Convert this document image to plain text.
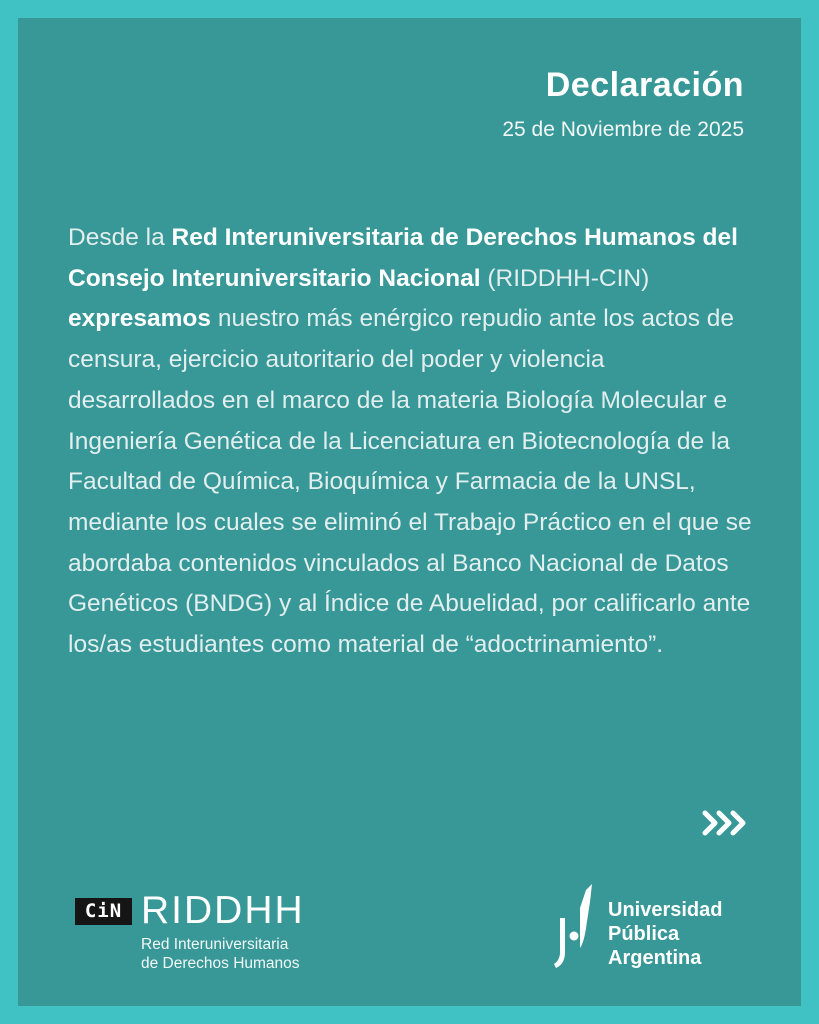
Declaración
25 de Noviembre de 2025

Desde la Red Interuniversitaria de Derechos Humanos del Consejo Interuniversitario Nacional (RIDDHH-CIN) expresamos nuestro más enérgico repudio ante los actos de censura, ejercicio autoritario del poder y violencia desarrollados en el marco de la materia Biología Molecular e Ingeniería Genética de la Licenciatura en Biotecnología de la Facultad de Química, Bioquímica y Farmacia de la UNSL, mediante los cuales se eliminó el Trabajo Práctico en el que se abordaba contenidos vinculados al Banco Nacional de Datos Genéticos (BNDG) y al Índice de Abuelidad, por calificarlo ante los/as estudiantes como material de “adoctrinamiento”.

CiN RIDDHH
Red Interuniversitaria
de Derechos Humanos
Universidad
Pública
Argentina
